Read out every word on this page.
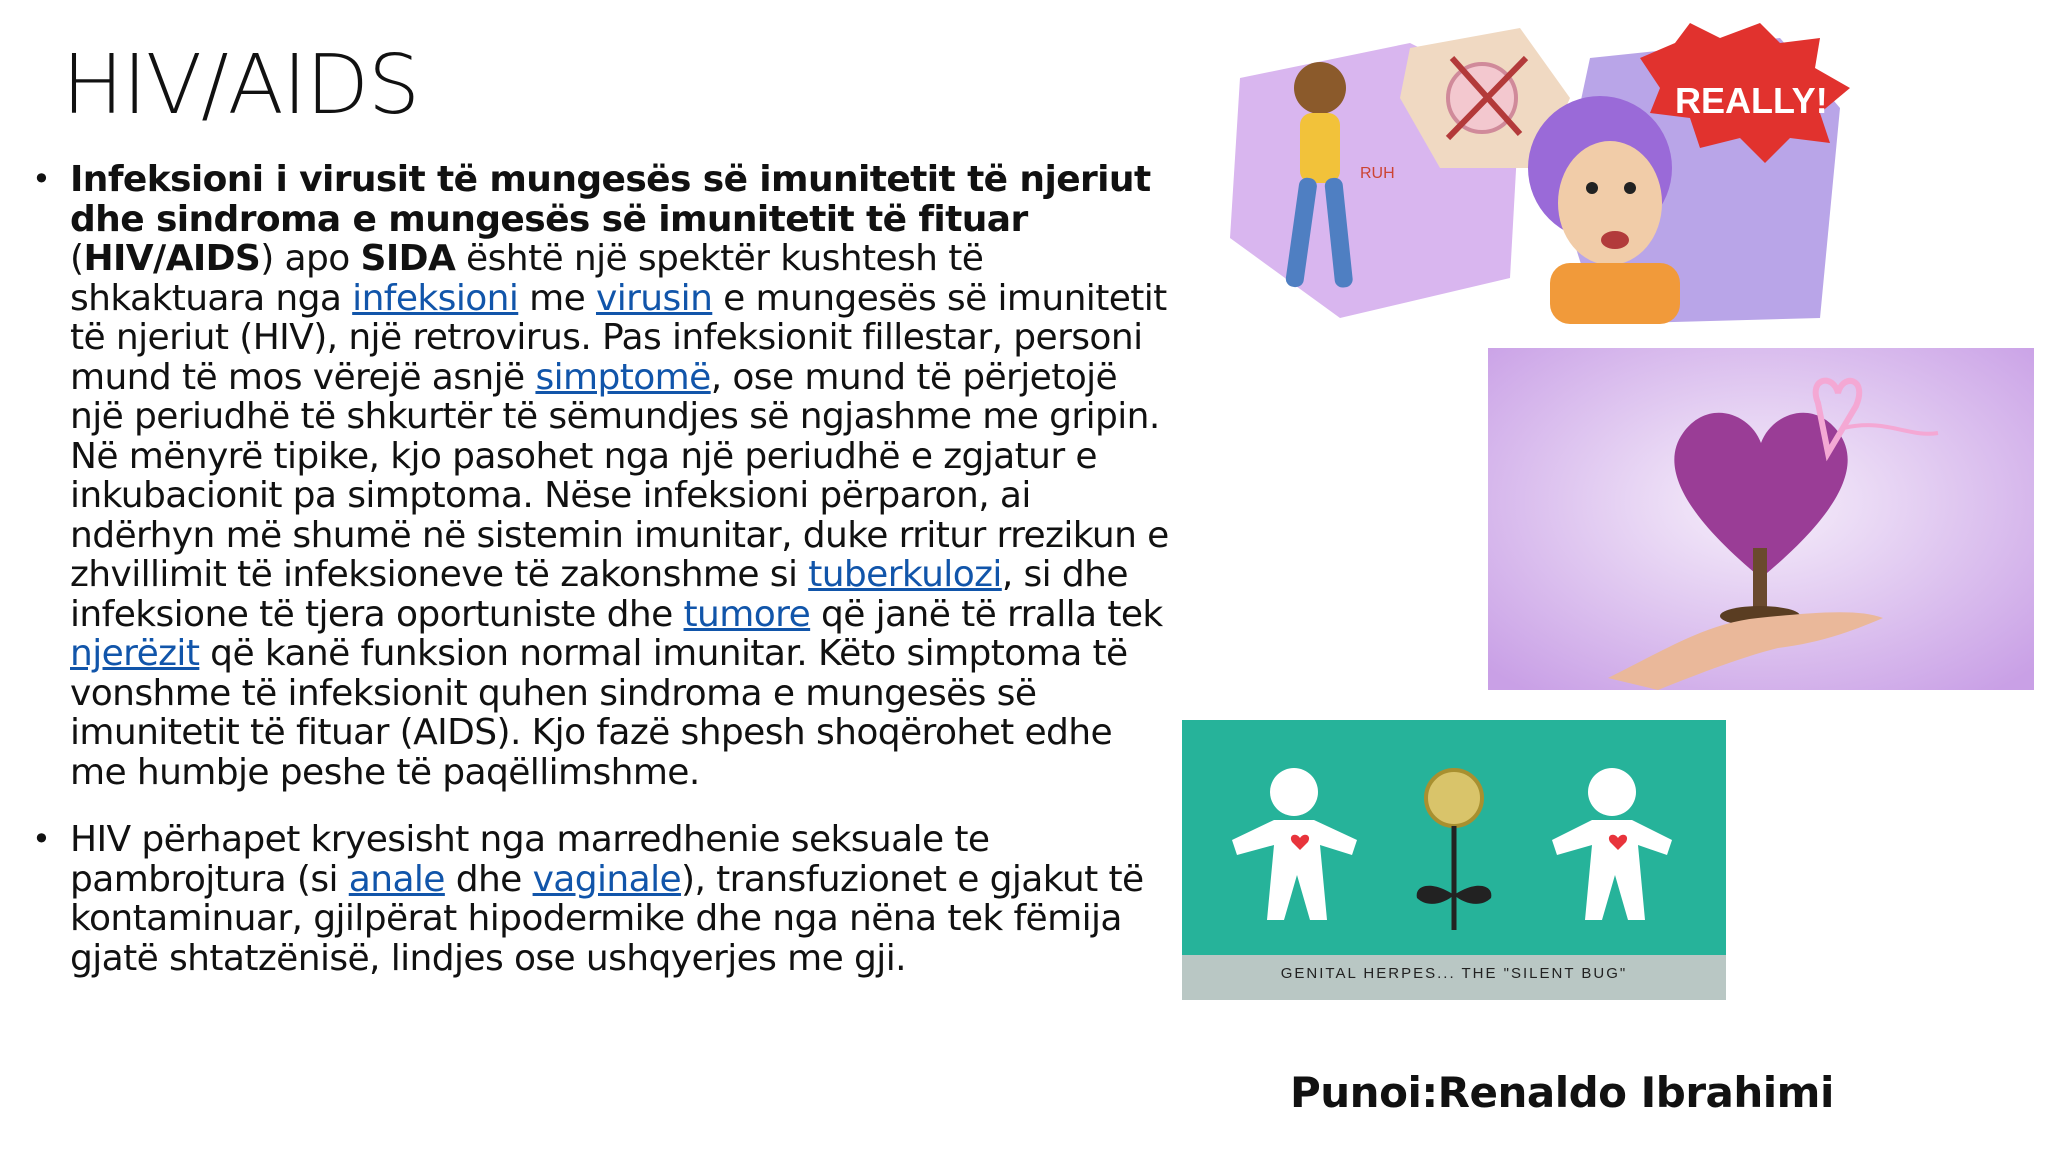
HIV/AIDS
• Infeksioni i virusit të mungesës së imunitetit të njeriut dhe sindroma e mungesës së imunitetit të fituar (HIV/AIDS) apo SIDA është një spektër kushtesh të shkaktuara nga infeksioni me virusin e mungesës së imunitetit të njeriut (HIV), një retrovirus. Pas infeksionit fillestar, personi mund të mos vërejë asnjë simptomë, ose mund të përjetojë një periudhë të shkurtër të sëmundjes së ngjashme me gripin. Në mënyrë tipike, kjo pasohet nga një periudhë e zgjatur e inkubacionit pa simptoma. Nëse infeksioni përparon, ai ndërhyn më shumë në sistemin imunitar, duke rritur rrezikun e zhvillimit të infeksioneve të zakonshme si tuberkulozi, si dhe infeksione të tjera oportuniste dhe tumore që janë të rralla tek njerëzit që kanë funksion normal imunitar. Këto simptoma të vonshme të infeksionit quhen sindroma e mungesës së imunitetit të fituar (AIDS). Kjo fazë shpesh shoqërohet edhe me humbje peshe të paqëllimshme.
• HIV përhapet kryesisht nga marredhenie seksuale te pambrojtura (si anale dhe vaginale), transfuzionet e gjakut të kontaminuar, gjilpërat hipodermike dhe nga nëna tek fëmija gjatë shtatzënisë, lindjes ose ushqyerjes me gji.
RUH
REALLY!
GENITAL HERPES... THE "SILENT BUG"
Punoi:Renaldo Ibrahimi
